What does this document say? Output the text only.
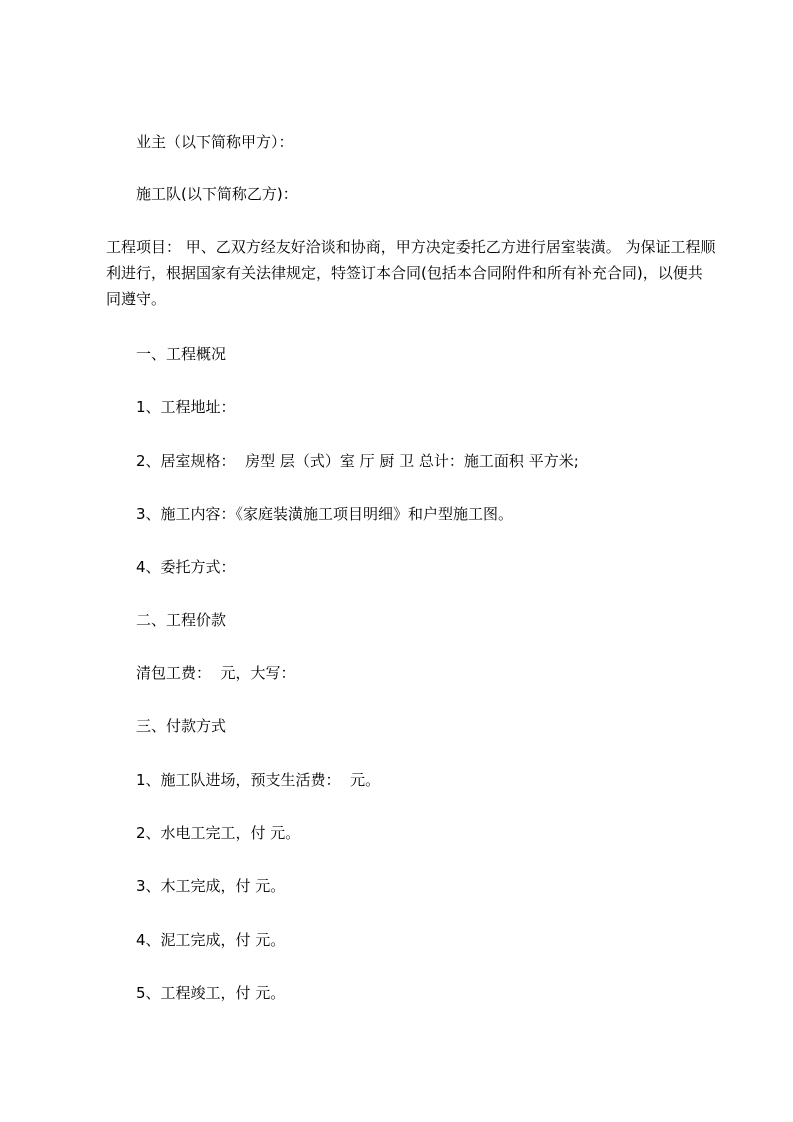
业主（以下简称甲方）：
施工队(以下简称乙方)：
工程项目： 甲、乙双方经友好洽谈和协商，甲方决定委托乙方进行居室装潢。 为保证工程顺利进行，根据国家有关法律规定，特签订本合同(包括本合同附件和所有补充合同)，以便共同遵守。
一、工程概况
1、工程地址：
2、居室规格：  房型 层（式）室 厅 厨 卫 总计：施工面积 平方米;
3、施工内容：《家庭装潢施工项目明细》和户型施工图。
4、委托方式：
二、工程价款
清包工费：  元，大写：
三、付款方式
1、施工队进场，预支生活费：  元。
2、水电工完工，付 元。
3、木工完成，付 元。
4、泥工完成，付 元。
5、工程竣工，付 元。
